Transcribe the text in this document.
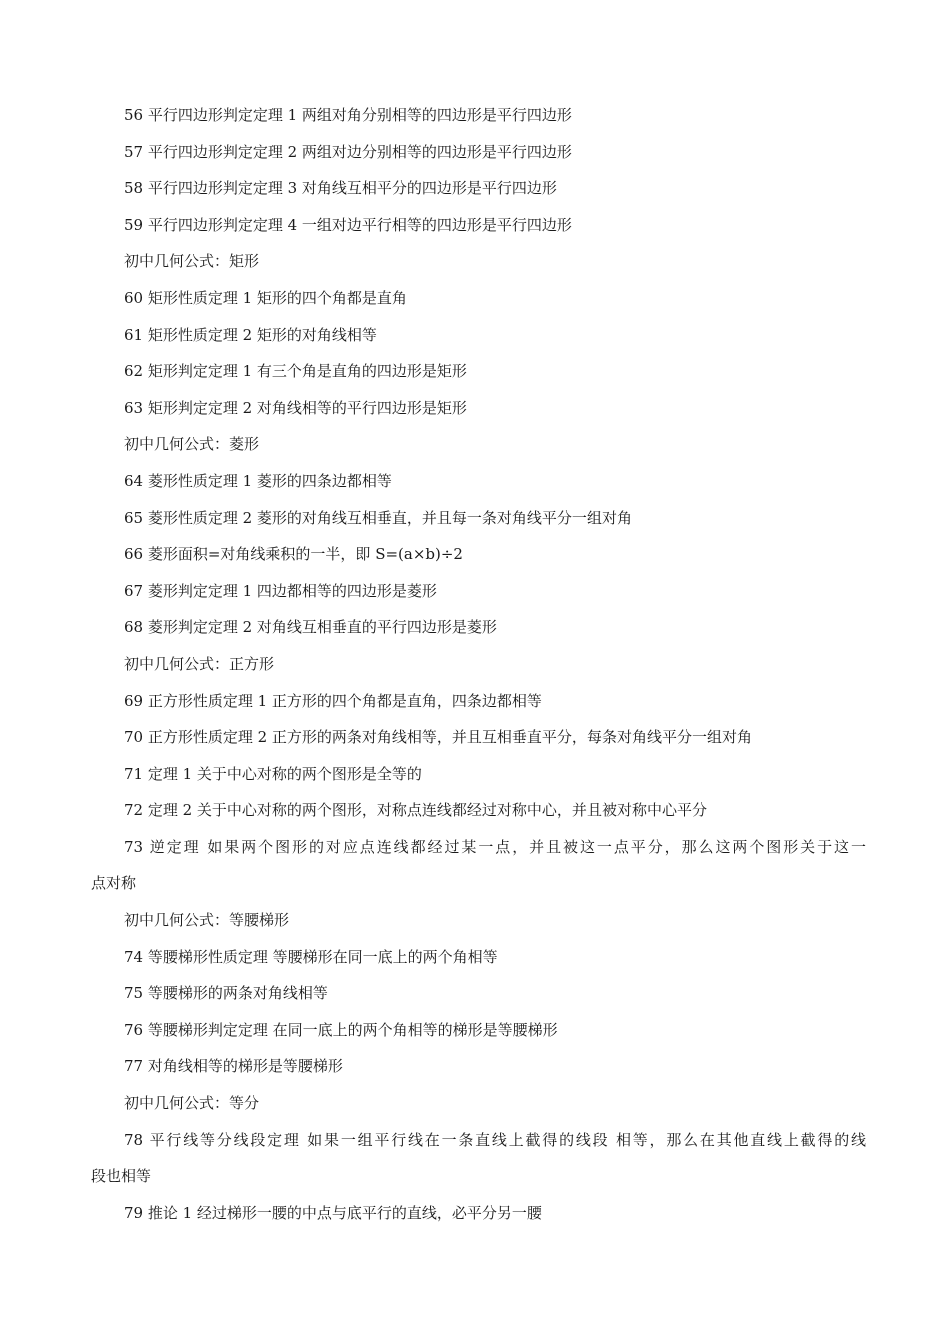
56 平行四边形判定定理 1 两组对角分别相等的四边形是平行四边形

57 平行四边形判定定理 2 两组对边分别相等的四边形是平行四边形

58 平行四边形判定定理 3 对角线互相平分的四边形是平行四边形

59 平行四边形判定定理 4 一组对边平行相等的四边形是平行四边形

初中几何公式：矩形

60 矩形性质定理 1 矩形的四个角都是直角

61 矩形性质定理 2 矩形的对角线相等

62 矩形判定定理 1 有三个角是直角的四边形是矩形

63 矩形判定定理 2 对角线相等的平行四边形是矩形

初中几何公式：菱形

64 菱形性质定理 1 菱形的四条边都相等

65 菱形性质定理 2 菱形的对角线互相垂直，并且每一条对角线平分一组对角

66 菱形面积=对角线乘积的一半，即 S=(a×b)÷2

67 菱形判定定理 1 四边都相等的四边形是菱形

68 菱形判定定理 2 对角线互相垂直的平行四边形是菱形

初中几何公式：正方形

69 正方形性质定理 1 正方形的四个角都是直角，四条边都相等

70 正方形性质定理 2 正方形的两条对角线相等，并且互相垂直平分，每条对角线平分一组对角

71 定理 1 关于中心对称的两个图形是全等的

72 定理 2 关于中心对称的两个图形，对称点连线都经过对称中心，并且被对称中心平分

73 逆定理 如果两个图形的对应点连线都经过某一点，并且被这一点平分，那么这两个图形关于这一
点对称

初中几何公式：等腰梯形

74 等腰梯形性质定理 等腰梯形在同一底上的两个角相等

75 等腰梯形的两条对角线相等

76 等腰梯形判定定理 在同一底上的两个角相等的梯形是等腰梯形

77 对角线相等的梯形是等腰梯形

初中几何公式：等分

78 平行线等分线段定理 如果一组平行线在一条直线上截得的线段 相等，那么在其他直线上截得的线
段也相等

79 推论 1 经过梯形一腰的中点与底平行的直线，必平分另一腰
